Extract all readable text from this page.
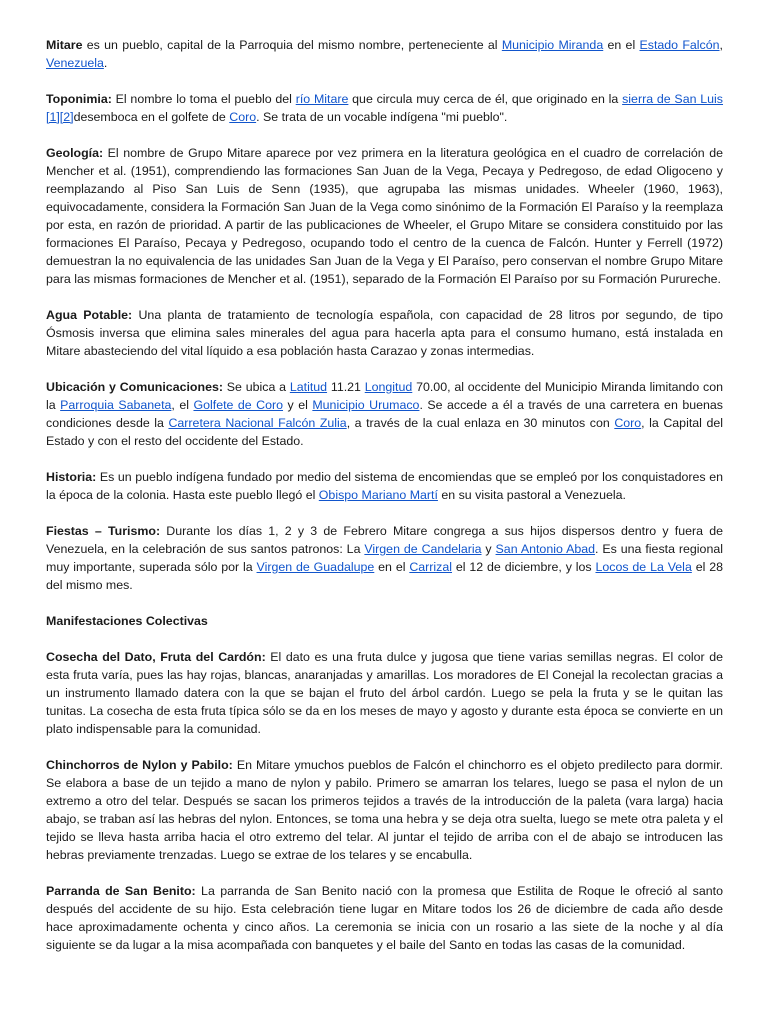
Mitare es un pueblo, capital de la Parroquia del mismo nombre, perteneciente al Municipio Miranda en el Estado Falcón, Venezuela.

Toponimia: El nombre lo toma el pueblo del río Mitare que circula muy cerca de él, que originado en la sierra de San Luis [1][2]desemboca en el golfete de Coro. Se trata de un vocable indígena "mi pueblo".

Geología: El nombre de Grupo Mitare aparece por vez primera en la literatura geológica en el cuadro de correlación de Mencher et al. (1951), comprendiendo las formaciones San Juan de la Vega, Pecaya y Pedregoso, de edad Oligoceno y reemplazando al Piso San Luis de Senn (1935), que agrupaba las mismas unidades. Wheeler (1960, 1963), equivocadamente, considera la Formación San Juan de la Vega como sinónimo de la Formación El Paraíso y la reemplaza por esta, en razón de prioridad. A partir de las publicaciones de Wheeler, el Grupo Mitare se considera constituido por las formaciones El Paraíso, Pecaya y Pedregoso, ocupando todo el centro de la cuenca de Falcón. Hunter y Ferrell (1972) demuestran la no equivalencia de las unidades San Juan de la Vega y El Paraíso, pero conservan el nombre Grupo Mitare para las mismas formaciones de Mencher et al. (1951), separado de la Formación El Paraíso por su Formación Purureche.

Agua Potable: Una planta de tratamiento de tecnología española, con capacidad de 28 litros por segundo, de tipo Ósmosis inversa que elimina sales minerales del agua para hacerla apta para el consumo humano, está instalada en Mitare abasteciendo del vital líquido a esa población hasta Carazao y zonas intermedias.

Ubicación y Comunicaciones: Se ubica a Latitud 11.21 Longitud 70.00, al occidente del Municipio Miranda limitando con la Parroquia Sabaneta, el Golfete de Coro y el Municipio Urumaco. Se accede a él a través de una carretera en buenas condiciones desde la Carretera Nacional Falcón Zulia, a través de la cual enlaza en 30 minutos con Coro, la Capital del Estado y con el resto del occidente del Estado.

Historia: Es un pueblo indígena fundado por medio del sistema de encomiendas que se empleó por los conquistadores en la época de la colonia. Hasta este pueblo llegó el Obispo Mariano Martí en su visita pastoral a Venezuela.

Fiestas – Turismo: Durante los días 1, 2 y 3 de Febrero Mitare congrega a sus hijos dispersos dentro y fuera de Venezuela, en la celebración de sus santos patronos: La Virgen de Candelaria y San Antonio Abad. Es una fiesta regional muy importante, superada sólo por la Virgen de Guadalupe en el Carrizal el 12 de diciembre, y los Locos de La Vela el 28 del mismo mes.

Manifestaciones Colectivas

Cosecha del Dato, Fruta del Cardón: El dato es una fruta dulce y jugosa que tiene varias semillas negras. El color de esta fruta varía, pues las hay rojas, blancas, anaranjadas y amarillas. Los moradores de El Conejal la recolectan gracias a un instrumento llamado datera con la que se bajan el fruto del árbol cardón. Luego se pela la fruta y se le quitan las tunitas. La cosecha de esta fruta típica sólo se da en los meses de mayo y agosto y durante esta época se convierte en un plato indispensable para la comunidad.

Chinchorros de Nylon y Pabilo: En Mitare ymuchos pueblos de Falcón el chinchorro es el objeto predilecto para dormir. Se elabora a base de un tejido a mano de nylon y pabilo. Primero se amarran los telares, luego se pasa el nylon de un extremo a otro del telar. Después se sacan los primeros tejidos a través de la introducción de la paleta (vara larga) hacia abajo, se traban así las hebras del nylon. Entonces, se toma una hebra y se deja otra suelta, luego se mete otra paleta y el tejido se lleva hasta arriba hacia el otro extremo del telar. Al juntar el tejido de arriba con el de abajo se introducen las hebras previamente trenzadas. Luego se extrae de los telares y se encabulla.

Parranda de San Benito: La parranda de San Benito nació con la promesa que Estilita de Roque le ofreció al santo después del accidente de su hijo. Esta celebración tiene lugar en Mitare todos los 26 de diciembre de cada año desde hace aproximadamente ochenta y cinco años. La ceremonia se inicia con un rosario a las siete de la noche y al día siguiente se da lugar a la misa acompañada con banquetes y el baile del Santo en todas las casas de la comunidad.
